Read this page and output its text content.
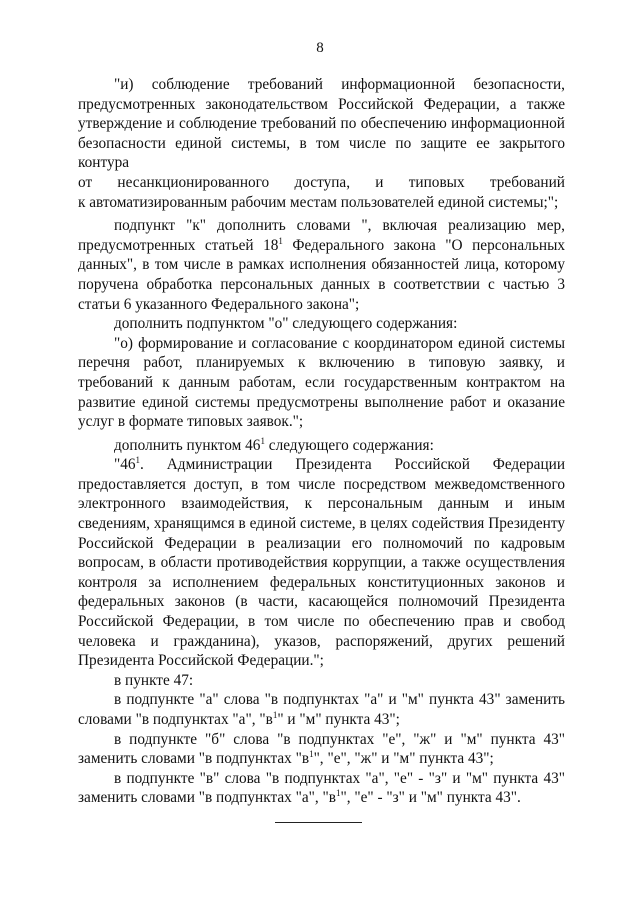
8

"и) соблюдение требований информационной безопасности,

предусмотренных законодательством Российской Федерации, а также

утверждение и соблюдение требований по обеспечению информационной

безопасности единой системы, в том числе по защите ее закрытого контура

от несанкционированного доступа, и типовых требований

к автоматизированным рабочим местам пользователей единой системы;";

подпункт "к" дополнить словами ", включая реализацию мер, предусмотренных статьей $18^1$ Федерального закона "О персональных данных", в том числе в рамках исполнения обязанностей лица, которому поручена обработка персональных данных в соответствии с частью 3 статьи 6 указанного Федерального закона";

дополнить подпунктом "о" следующего содержания:

"о) формирование и согласование с координатором единой системы перечня работ, планируемых к включению в типовую заявку, и требований к данным работам, если государственным контрактом на развитие единой системы предусмотрены выполнение работ и оказание услуг в формате типовых заявок.";

дополнить пунктом $46^1$ следующего содержания:

"$46^1$. Администрации Президента Российской Федерации предоставляется доступ, в том числе посредством межведомственного электронного взаимодействия, к персональным данным и иным сведениям, хранящимся в единой системе, в целях содействия Президенту Российской Федерации в реализации его полномочий по кадровым вопросам, в области противодействия коррупции, а также осуществления контроля за исполнением федеральных конституционных законов и федеральных законов (в части, касающейся полномочий Президента Российской Федерации, в том числе по обеспечению прав и свобод человека и гражданина), указов, распоряжений, других решений Президента Российской Федерации.";

в пункте 47:

в подпункте "а" слова "в подпунктах "а" и "м" пункта 43" заменить словами "в подпунктах "а", "$в^1$" и "м" пункта 43";

в подпункте "б" слова "в подпунктах "е", "ж" и "м" пункта 43" заменить словами "в подпунктах "$в^1$", "е", "ж" и "м" пункта 43";

в подпункте "в" слова "в подпунктах "а", "е" - "з" и "м" пункта 43" заменить словами "в подпунктах "а", "$в^1$", "е" - "з" и "м" пункта 43".
